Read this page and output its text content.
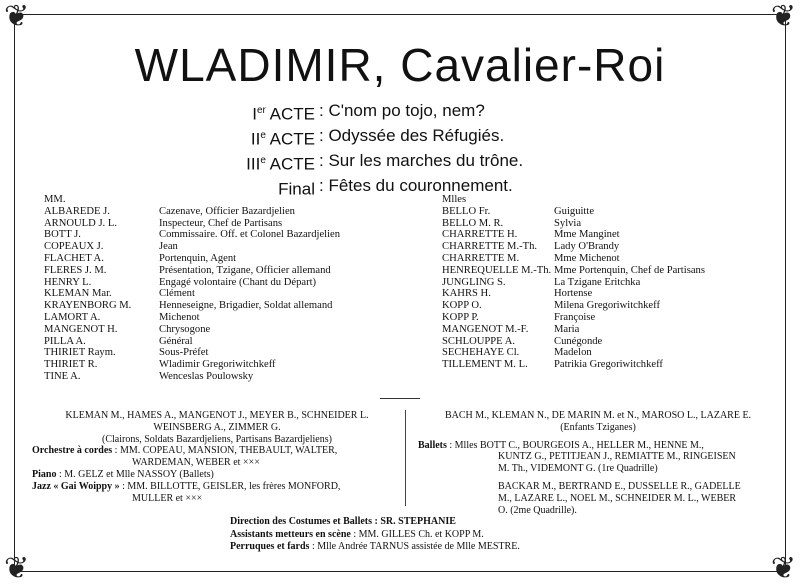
❦	❦
❦	❦
WLADIMIR, Cavalier-Roi
Ier ACTE : C'nom po tojo, nem?
IIe ACTE : Odyssée des Réfugiés.
IIIe ACTE : Sur les marches du trône.
Final : Fêtes du couronnement.
MM.
ALBAREDE J.	Cazenave, Officier Bazardjelien
ARNOULD J. L.	Inspecteur, Chef de Partisans
BOTT J.	Commissaire. Off. et Colonel Bazardjelien
COPEAUX J.	Jean
FLACHET A.	Portenquin, Agent
FLERES J. M.	Présentation, Tzigane, Officier allemand
HENRY L.	Engagé volontaire (Chant du Départ)
KLEMAN Mar.	Clément
KRAYENBORG M.	Henneseigne, Brigadier, Soldat allemand
LAMORT A.	Michenot
MANGENOT H.	Chrysogone
PILLA A.	Général
THIRIET Raym.	Sous-Préfet
THIRIET R.	Wladimir Gregoriwitchkeff
TINE A.	Wenceslas Poulowsky
Mlles
BELLO Fr.	Guiguitte
BELLO M. R.	Sylvia
CHARRETTE H.	Mme Manginet
CHARRETTE M.-Th.	Lady O'Brandy
CHARRETTE M.	Mme Michenot
HENREQUELLE M.-Th. Mme Portenquin, Chef de Partisans
JUNGLING S.	La Tzigane Eritchka
KAHRS H.	Hortense
KOPP O.	Milena Gregoriwitchkeff
KOPP P.	Françoise
MANGENOT M.-F.	Maria
SCHLOUPPE A.	Cunégonde
SECHEHAYE Cl.	Madelon
TILLEMENT M. L.	Patrikia Gregoriwitchkeff
KLEMAN M., HAMES A., MANGENOT J., MEYER B., SCHNEIDER L.
WEINSBERG A., ZIMMER G.
(Clairons, Soldats Bazardjeliens, Partisans Bazardjeliens)
Orchestre à cordes : MM. COPEAU, MANSION, THEBAULT, WALTER,
WARDEMAN, WEBER et ×××
Piano : M. GELZ et Mlle NASSOY (Ballets)
Jazz « Gai Woippy » : MM. BILLOTTE, GEISLER, les frères MONFORD,
MULLER et ×××
BACH M., KLEMAN N., DE MARIN M. et N., MAROSO L., LAZARE E.
(Enfants Tziganes)
Ballets : Mlles BOTT C., BOURGEOIS A., HELLER M., HENNE M.,
KUNTZ G., PETITJEAN J., REMIATTE M., RINGEISEN
M. Th., VIDEMONT G. (1re Quadrille)
BACKAR M., BERTRAND E., DUSSELLE R., GADELLE
M., LAZARE L., NOEL M., SCHNEIDER M. L., WEBER
O. (2me Quadrille).
Direction des Costumes et Ballets : SR. STEPHANIE
Assistants metteurs en scène : MM. GILLES Ch. et KOPP M.
Perruques et fards : Mlle Andrée TARNUS assistée de Mlle MESTRE.
